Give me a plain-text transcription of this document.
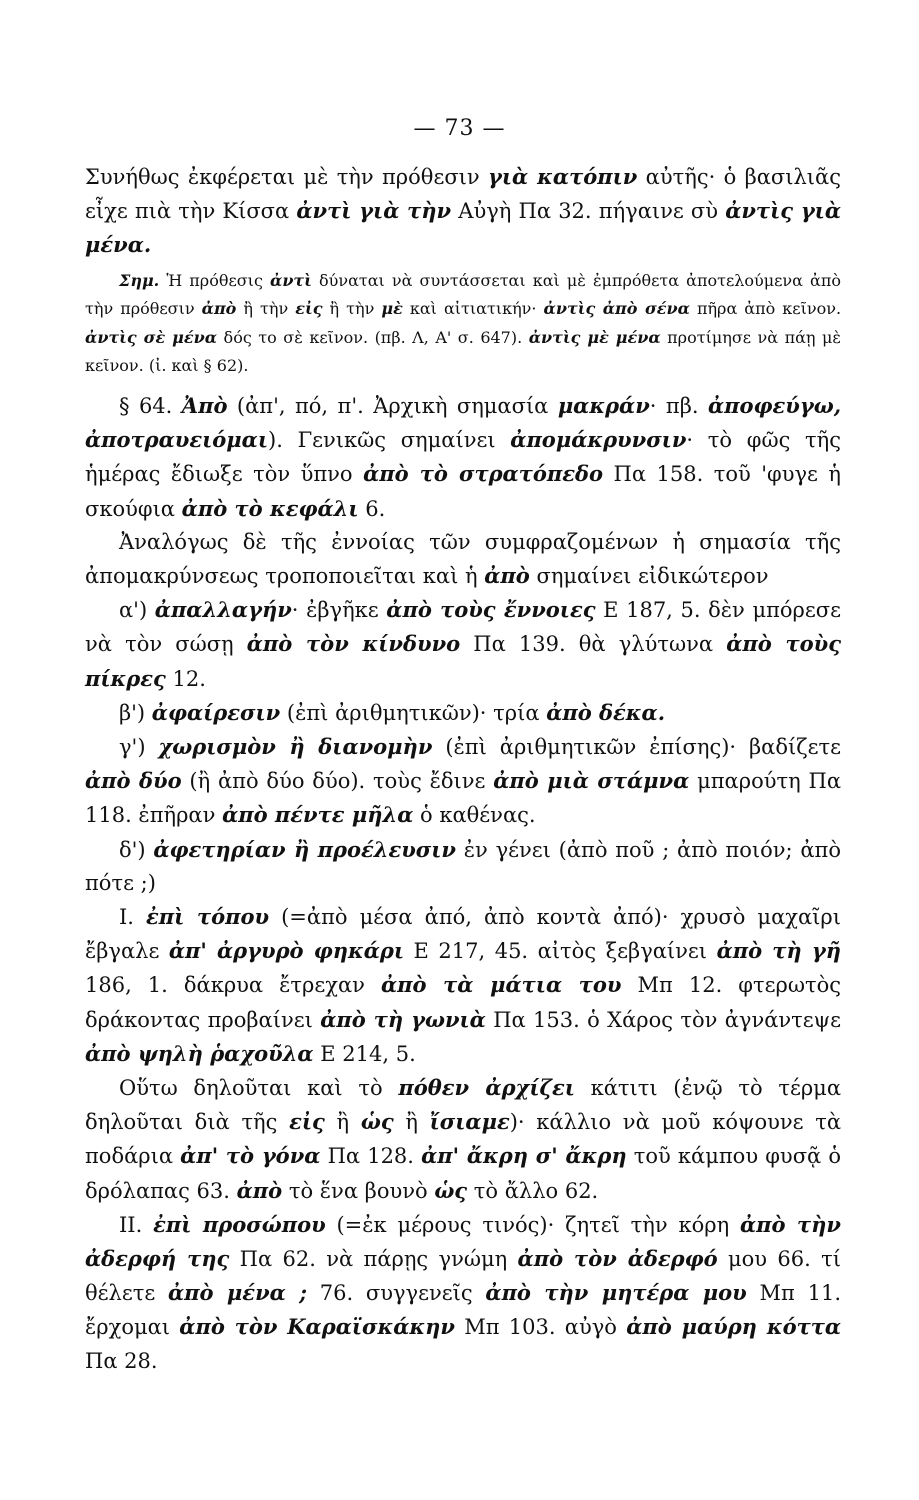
— 73 —

Συνήθως ἐκφέρεται μὲ τὴν πρόθεσιν γιὰ κατόπιν αὐτῆς· ὁ βασιλιᾶς εἶχε πιὰ τὴν Κίσσα ἀντὶ γιὰ τὴν Αὐγὴ Πα 32. πήγαινε σὺ ἀντὶς γιὰ μένα.

Σημ. Ἡ πρόθεσις ἀντὶ δύναται νὰ συντάσσεται καὶ μὲ ἐμπρόθετα ἀποτελούμενα ἀπὸ τὴν πρόθεσιν ἀπὸ ἢ τὴν εἰς ἢ τὴν μὲ καὶ αἰτιατικήν· ἀντὶς ἀπὸ σένα πῆρα ἀπὸ κεῖνον. ἀντὶς σὲ μένα δός το σὲ κεῖνον. (πβ. Λ, Α' σ. 647). ἀντὶς μὲ μένα προτίμησε νὰ πάῃ μὲ κεῖνον. (ἰ. καὶ § 62).

§ 64. Ἀπὸ (ἀπ', πό, π'. Ἀρχικὴ σημασία μακράν· πβ. ἀποφεύγω, ἀποτραυειόμαι). Γενικῶς σημαίνει ἀπομάκρυνσιν· τὸ φῶς τῆς ἡμέρας ἔδιωξε τὸν ὕπνο ἀπὸ τὸ στρατόπεδο Πα 158. τοῦ 'φυγε ἡ σκούφια ἀπὸ τὸ κεφάλι 6.

Ἀναλόγως δὲ τῆς ἐννοίας τῶν συμφραζομένων ἡ σημασία τῆς ἀπομακρύνσεως τροποποιεῖται καὶ ἡ ἀπὸ σημαίνει εἰδικώτερον

α') ἀπαλλαγήν· ἐβγῆκε ἀπὸ τοὺς ἔννοιες Ε 187, 5. δὲν μπόρεσε νὰ τὸν σώσῃ ἀπὸ τὸν κίνδυνο Πα 139. θὰ γλύτωνα ἀπὸ τοὺς πίκρες 12.

β') ἀφαίρεσιν (ἐπὶ ἀριθμητικῶν)· τρία ἀπὸ δέκα.

γ') χωρισμὸν ἢ διανομὴν (ἐπὶ ἀριθμητικῶν ἐπίσης)· βαδίζετε ἀπὸ δύο (ἢ ἀπὸ δύο δύο). τοὺς ἔδινε ἀπὸ μιὰ στάμνα μπαρούτη Πα 118. ἐπῆραν ἀπὸ πέντε μῆλα ὁ καθένας.

δ') ἀφετηρίαν ἢ προέλευσιν ἐν γένει (ἀπὸ ποῦ ; ἀπὸ ποιόν; ἀπὸ πότε ;)

Ι. ἐπὶ τόπου (=ἀπὸ μέσα ἀπό, ἀπὸ κοντὰ ἀπό)· χρυσὸ μαχαῖρι ἔβγαλε ἀπ' ἀργυρὸ φηκάρι Ε 217, 45. αἰτὸς ξεβγαίνει ἀπὸ τὴ γῆ 186, 1. δάκρυα ἔτρεχαν ἀπὸ τὰ μάτια του Μπ 12. φτερωτὸς δράκοντας προβαίνει ἀπὸ τὴ γωνιὰ Πα 153. ὁ Χάρος τὸν ἀγνάντεψε ἀπὸ ψηλὴ ῥαχοῦλα Ε 214, 5.

Οὕτω δηλοῦται καὶ τὸ πόθεν ἀρχίζει κάτιτι (ἐνῷ τὸ τέρμα δηλοῦται διὰ τῆς εἰς ἢ ὡς ἢ ἴσιαμε)· κάλλιο νὰ μοῦ κόψουνε τὰ ποδάρια ἀπ' τὸ γόνα Πα 128. ἀπ' ἄκρη σ' ἄκρη τοῦ κάμπου φυσᾷ ὁ δρόλαπας 63. ἀπὸ τὸ ἕνα βουνὸ ὡς τὸ ἄλλο 62.

ΙΙ. ἐπὶ προσώπου (=ἐκ μέρους τινός)· ζητεῖ τὴν κόρη ἀπὸ τὴν ἀδερφή της Πα 62. νὰ πάρῃς γνώμη ἀπὸ τὸν ἀδερφό μου 66. τί θέλετε ἀπὸ μένα ; 76. συγγενεῖς ἀπὸ τὴν μητέρα μου Μπ 11. ἔρχομαι ἀπὸ τὸν Καραϊσκάκην Μπ 103. αὐγὸ ἀπὸ μαύρη κόττα Πα 28.
